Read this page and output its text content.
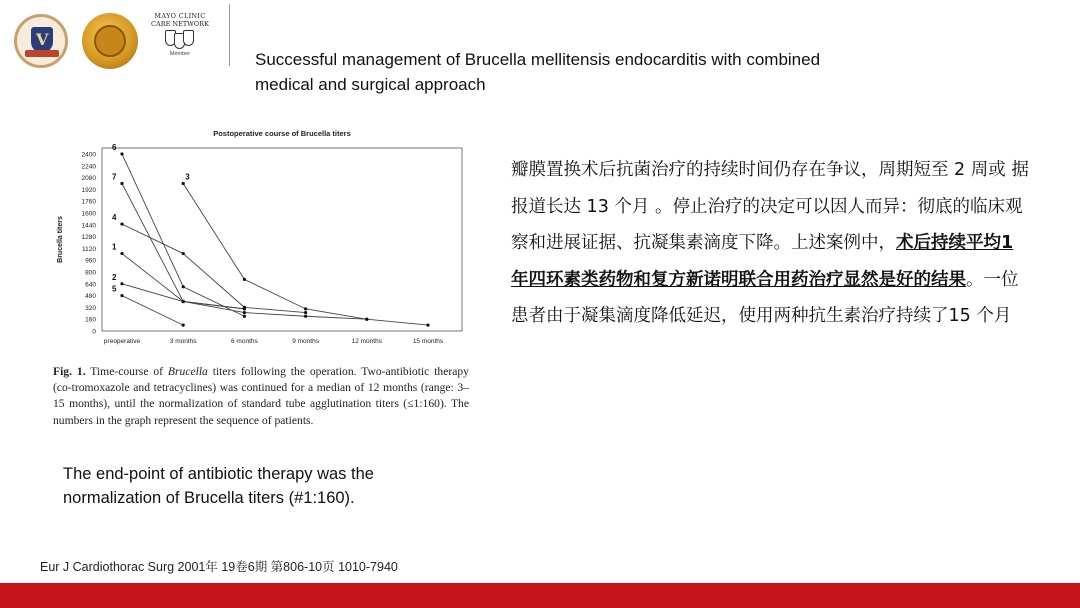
V
MAYO CLINIC
CARE NETWORK
Member	Successful management of Brucella mellitensis endocarditis with combined
medical and surgical approach
Postoperative course of Brucella titers
0
160
320
480
640
800
960
1120
1280
1440
1600
1760
1920
2080
2240
2400
Brucella titers
preoperative	3 months	6 months	9 months	12 months	15 months
6
3
7
4
1
2
5
Fig. 1. Time-course of Brucella titers following the operation. Two-antibiotic therapy (co-tromoxazole and tetracyclines) was continued for a median of 12 months (range: 3–15 months), until the normalization of standard tube agglutination titers (≤1:160). The numbers in the graph represent the sequence of patients.
The end-point of antibiotic therapy was the
normalization of Brucella titers (#1:160).
Eur J Cardiothorac Surg 2001年 19卷6期 第806-10页 1010-7940
瓣膜置换术后抗菌治疗的持续时间仍存在争议，周期短至 2 周或 据报道长达 13 个月 。停止治疗的决定可以因人而异：彻底的临床观察和进展证据、抗凝集素滴度下降。上述案例中，术后持续平均1 年四环素类药物和复方新诺明联合用药治疗显然是好的结果。一位患者由于凝集滴度降低延迟，使用两种抗生素治疗持续了15 个月
